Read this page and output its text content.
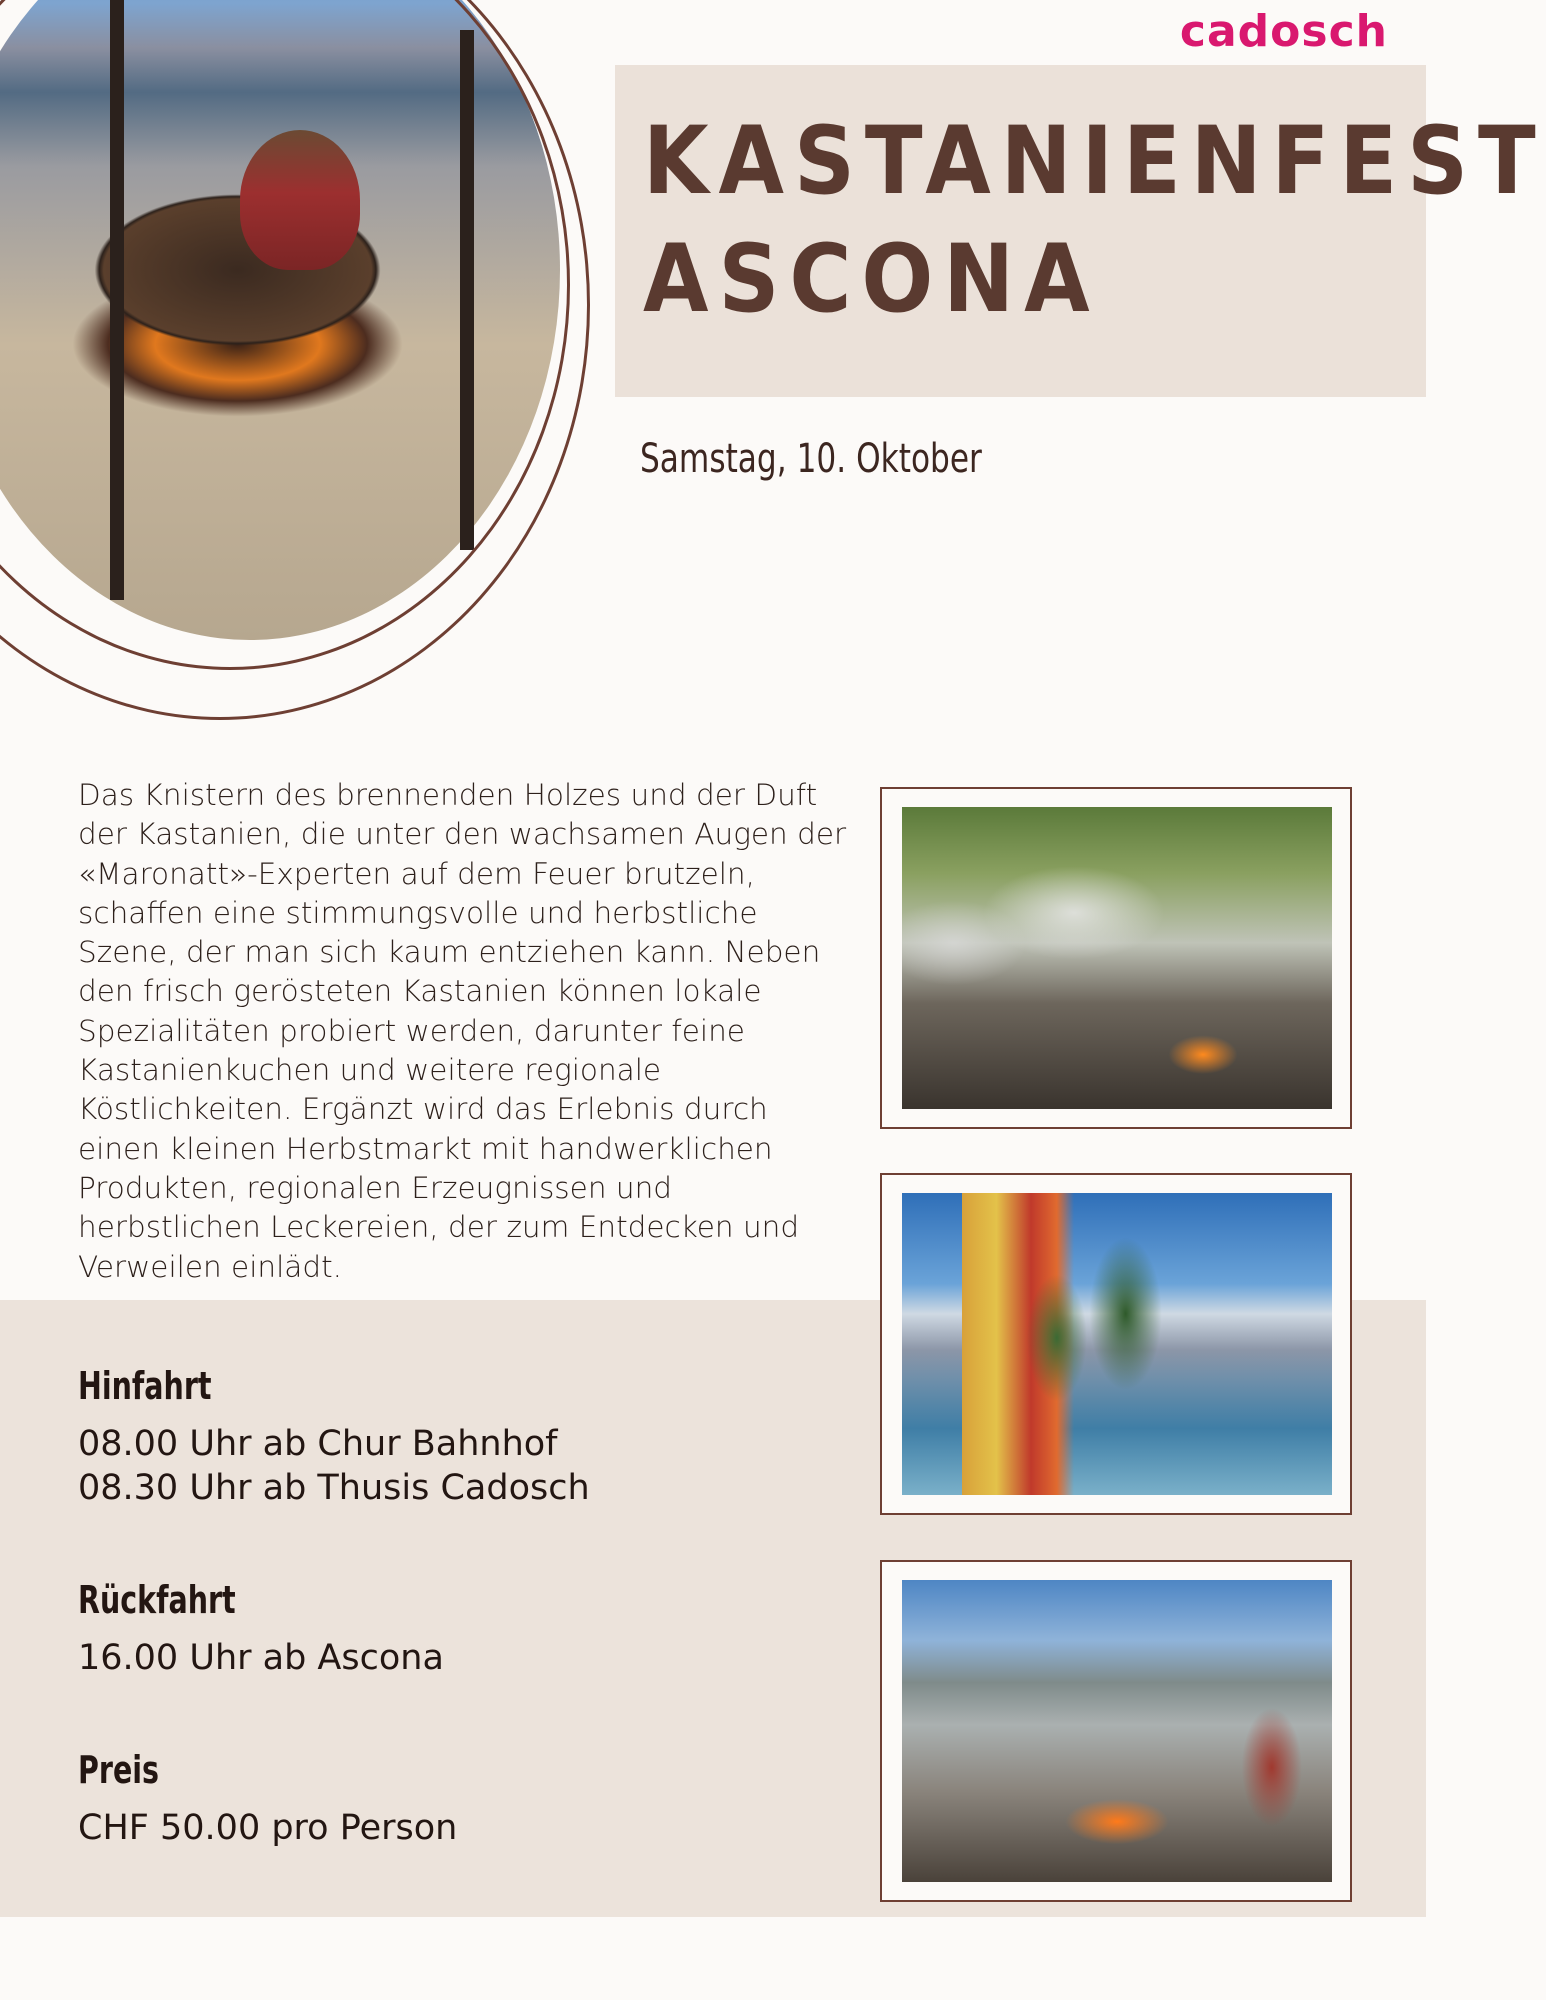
cadosch
KASTANIENFEST
ASCONA

Samstag, 10. Oktober

Das Knistern des brennenden Holzes und der Duft der Kastanien, die unter den wachsamen Augen der «Maronatt»-Experten auf dem Feuer brutzeln, schaffen eine stimmungsvolle und herbstliche Szene, der man sich kaum entziehen kann. Neben den frisch gerösteten Kastanien können lokale Spezialitäten probiert werden, darunter feine Kastanienkuchen und weitere regionale Köstlichkeiten. Ergänzt wird das Erlebnis durch einen kleinen Herbstmarkt mit handwerklichen Produkten, regionalen Erzeugnissen und herbstlichen Leckereien, der zum Entdecken und Verweilen einlädt.

Hinfahrt

08.00 Uhr ab Chur Bahnhof

08.30 Uhr ab Thusis Cadosch

Rückfahrt

16.00 Uhr ab Ascona

Preis

CHF 50.00 pro Person
